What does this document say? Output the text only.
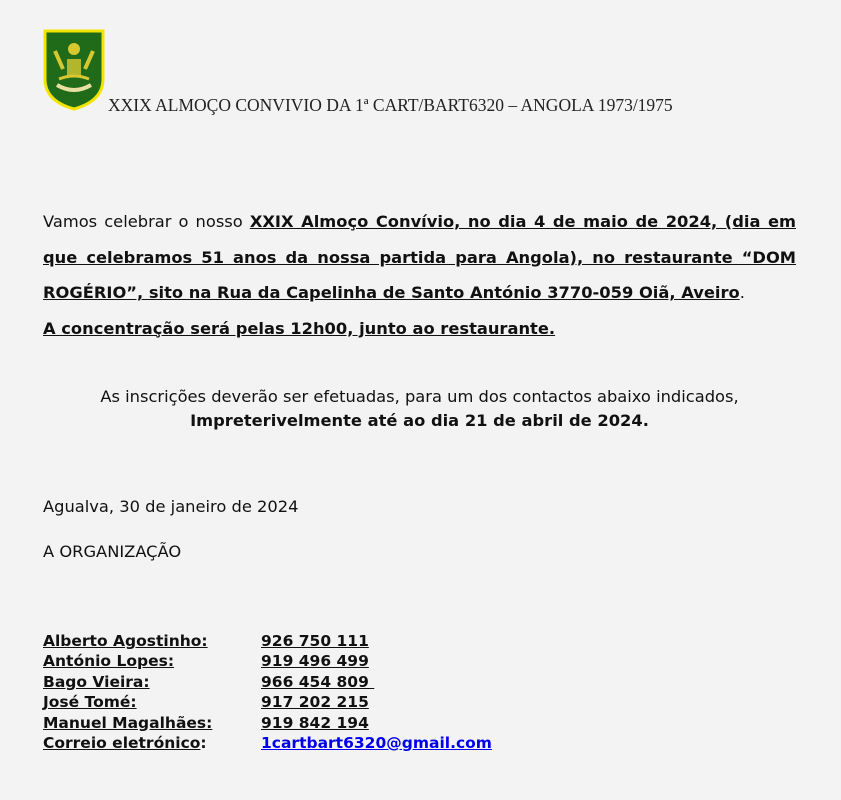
XXIX ALMOÇO CONVIVIO DA 1ª CART/BART6320 – ANGOLA 1973/1975
Vamos celebrar o nosso XXIX Almoço Convívio, no dia 4 de maio de 2024, (dia em que celebramos 51 anos da nossa partida para Angola), no restaurante “DOM ROGÉRIO”, sito na Rua da Capelinha de Santo António 3770-059 Oiã, Aveiro.
A concentração será pelas 12h00, junto ao restaurante.
As inscrições deverão ser efetuadas, para um dos contactos abaixo indicados,
Impreterivelmente até ao dia 21 de abril de 2024.
Agualva, 30 de janeiro de 2024
A ORGANIZAÇÃO
Alberto Agostinho:	926 750 111
António Lopes:	919 496 499
Bago Vieira:	966 454 809
José Tomé:	917 202 215
Manuel Magalhães:	919 842 194
Correio eletrónico:	1cartbart6320@gmail.com
